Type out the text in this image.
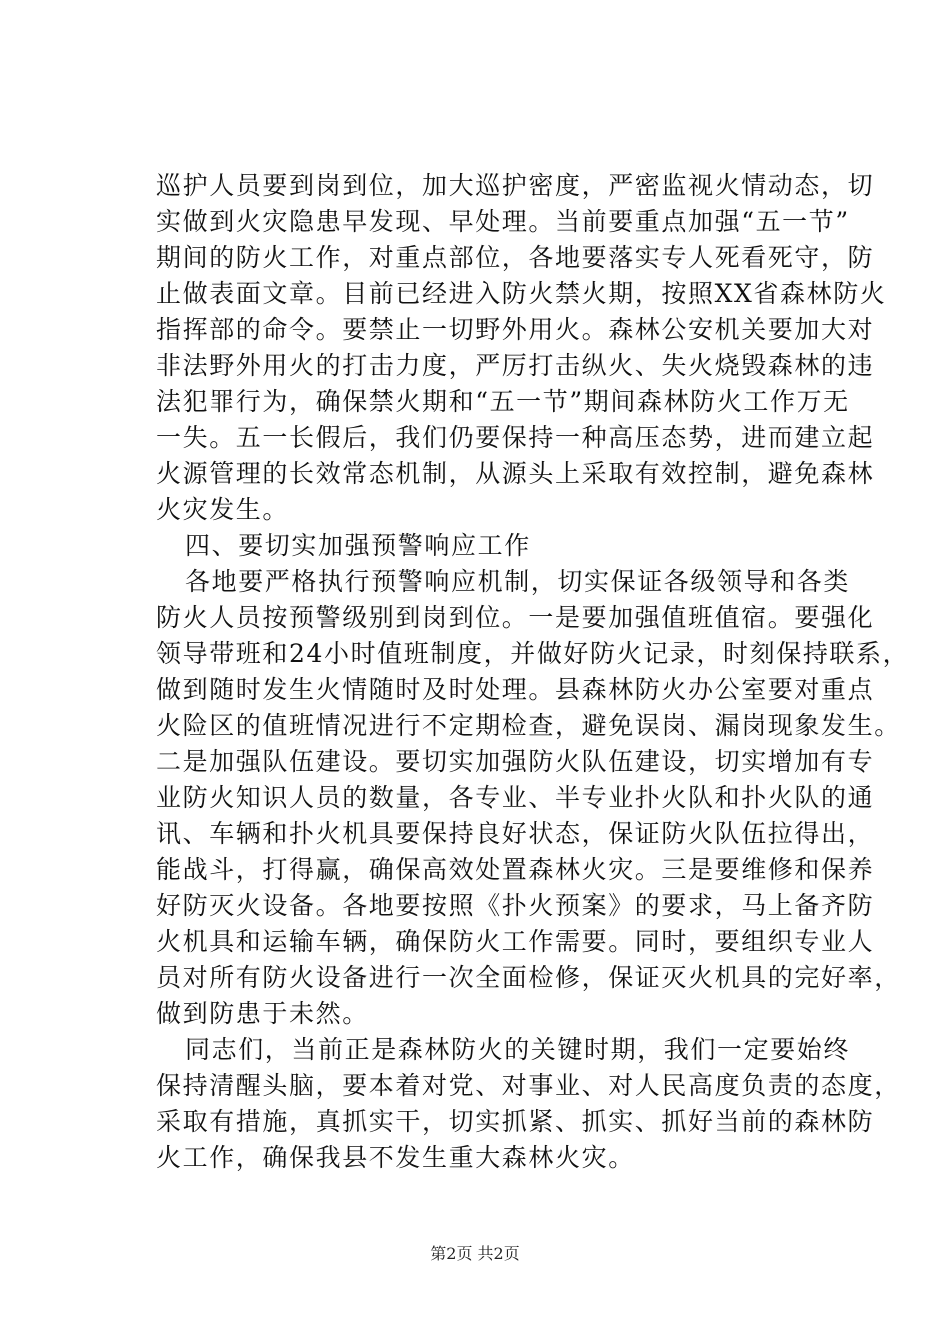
巡护人员要到岗到位，加大巡护密度，严密监视火情动态，切
实做到火灾隐患早发现、早处理。当前要重点加强“五一节”
期间的防火工作，对重点部位，各地要落实专人死看死守，防
止做表面文章。目前已经进入防火禁火期，按照XX省森林防火
指挥部的命令。要禁止一切野外用火。森林公安机关要加大对
非法野外用火的打击力度，严厉打击纵火、失火烧毁森林的违
法犯罪行为，确保禁火期和“五一节”期间森林防火工作万无
一失。五一长假后，我们仍要保持一种高压态势，进而建立起
火源管理的长效常态机制，从源头上采取有效控制，避免森林
火灾发生。
四、要切实加强预警响应工作
各地要严格执行预警响应机制，切实保证各级领导和各类
防火人员按预警级别到岗到位。一是要加强值班值宿。要强化
领导带班和24小时值班制度，并做好防火记录，时刻保持联系，
做到随时发生火情随时及时处理。县森林防火办公室要对重点
火险区的值班情况进行不定期检查，避免误岗、漏岗现象发生。
二是加强队伍建设。要切实加强防火队伍建设，切实增加有专
业防火知识人员的数量，各专业、半专业扑火队和扑火队的通
讯、车辆和扑火机具要保持良好状态，保证防火队伍拉得出，
能战斗，打得赢，确保高效处置森林火灾。三是要维修和保养
好防灭火设备。各地要按照《扑火预案》的要求，马上备齐防
火机具和运输车辆，确保防火工作需要。同时，要组织专业人
员对所有防火设备进行一次全面检修，保证灭火机具的完好率，
做到防患于未然。
同志们，当前正是森林防火的关键时期，我们一定要始终
保持清醒头脑，要本着对党、对事业、对人民高度负责的态度，
采取有措施，真抓实干，切实抓紧、抓实、抓好当前的森林防
火工作，确保我县不发生重大森林火灾。
第2页 共2页
